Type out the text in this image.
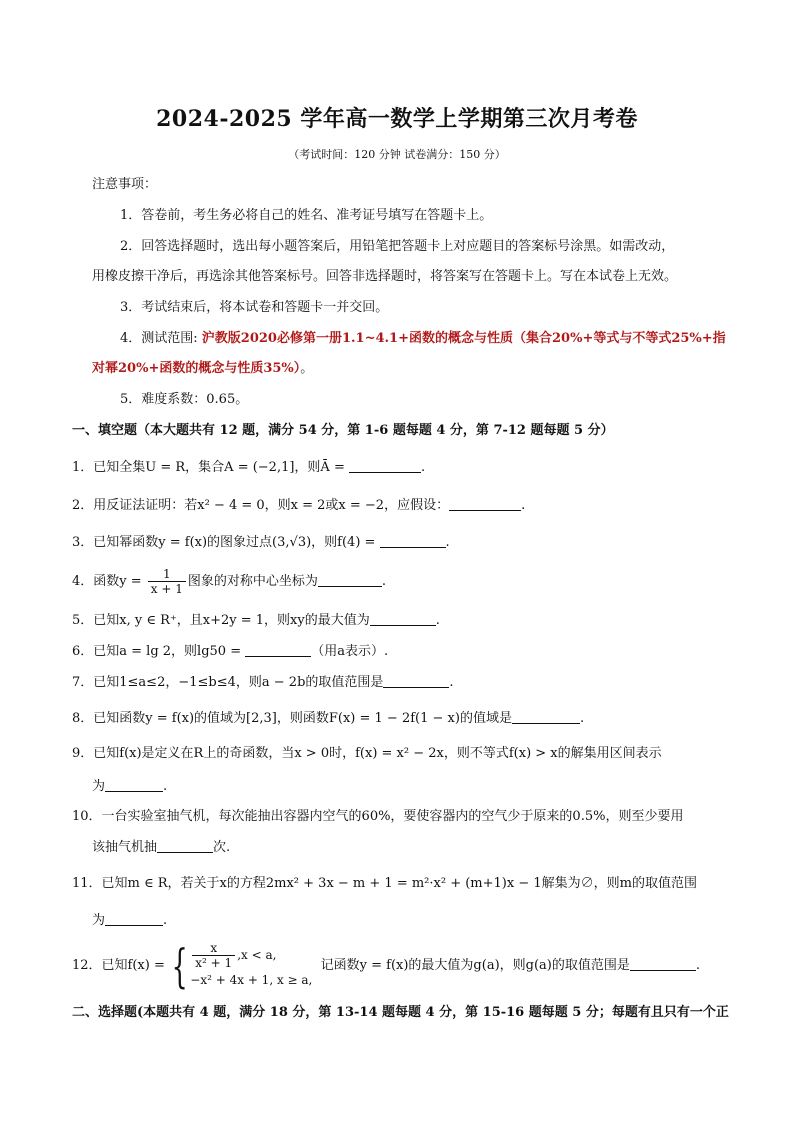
2024-2025 学年高一数学上学期第三次月考卷
（考试时间：120 分钟 试卷满分：150 分）
注意事项：
1．答卷前，考生务必将自己的姓名、准考证号填写在答题卡上。
2．回答选择题时，选出每小题答案后，用铅笔把答题卡上对应题目的答案标号涂黑。如需改动，
用橡皮擦干净后，再选涂其他答案标号。回答非选择题时，将答案写在答题卡上。写在本试卷上无效。
3．考试结束后，将本试卷和答题卡一并交回。
4．测试范围: 沪教版2020必修第一册1.1~4.1+函数的概念与性质（集合20%+等式与不等式25%+指
对幂20%+函数的概念与性质35%）。
5．难度系数：0.65。
一、填空题（本大题共有 12 题，满分 54 分，第 1-6 题每题 4 分，第 7-12 题每题 5 分）
1．已知全集U = R，集合A = (−2,1]，则Ā =	.
2．用反证法证明：若x² − 4 = 0，则x = 2或x = −2，应假设：	.
3．已知幂函数y = f(x)的图象过点(3,√3)，则f(4) =	.
4．函数$y = \frac{1}{x + 1}$ 图象的对称中心坐标为	.
5．已知x, y ∈ R⁺，且x+2y = 1，则xy的最大值为	.
6．已知a = lg 2，则lg50 =	（用a表示）.
7．已知1≤a≤2，−1≤b≤4，则a − 2b的取值范围是	.
8．已知函数y = f(x)的值域为[2,3]，则函数F(x) = 1 − 2f(1 − x)的值域是	.
9．已知f(x)是定义在R上的奇函数，当x > 0时，f(x) = x² − 2x，则不等式f(x) > x的解集用区间表示
为	.
10．一台实验室抽气机，每次能抽出容器内空气的60%，要使容器内的空气少于原来的0.5%，则至少要用
该抽气机抽	次.
11．已知m ∈ R，若关于x的方程2mx² + 3x − m + 1 = m²·x² + (m+1)x − 1解集为∅，则m的取值范围
为	.
12．已知f(x) = { $\frac{x}{\text{x² + 1}} ,x < a$,
−x² + 4x + 1, x ≥ a,
记函数y = f(x)的最大值为g(a)，则g(a)的取值范围是	.
二、选择题(本题共有 4 题，满分 18 分，第 13-14 题每题 4 分，第 15-16 题每题 5 分；每题有且只有一个正
